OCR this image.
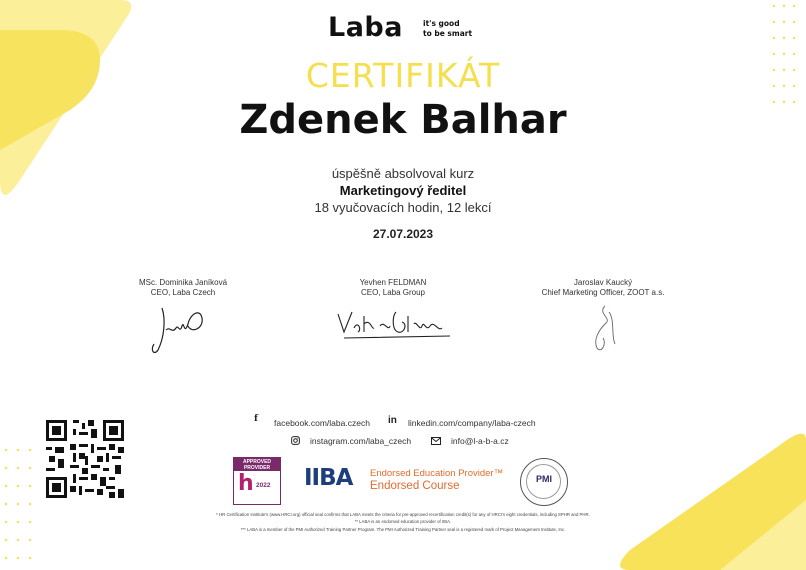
Laba	it's good
to be smart
CERTIFIKÁT
Zdenek Balhar
úspěšně absolvoval kurz
Marketingový ředitel
18 vyučovacích hodin, 12 lekcí
27.07.2023
MSc. Dominika Janíková
CEO, Laba Czech
Yevhen FELDMAN
CEO, Laba Group
Jaroslav Kaucký
Chief Marketing Officer, ZOOT a.s.
f facebook.com/laba.czech in linkedin.com/company/laba-czech
instagram.com/laba_czech	info@l-a-b-a.cz
APPROVED
PROVIDER
h 2022 IIBA Endorsed Education Provider™
Endorsed Course
PMI
* HR Certification Institute's (www.HRCI.org) official seal confirms that LABA meets the criteria for pre-approved recertification credit(s) for any of HRCI's eight credentials, including SPHR and PHR.
** LABA is an endorsed education provider of IIBA.
*** LABA is a member of the PMI Authorized Training Partner Program. The PMI Authorized Training Partner seal is a registered mark of Project Management Institute, Inc.
